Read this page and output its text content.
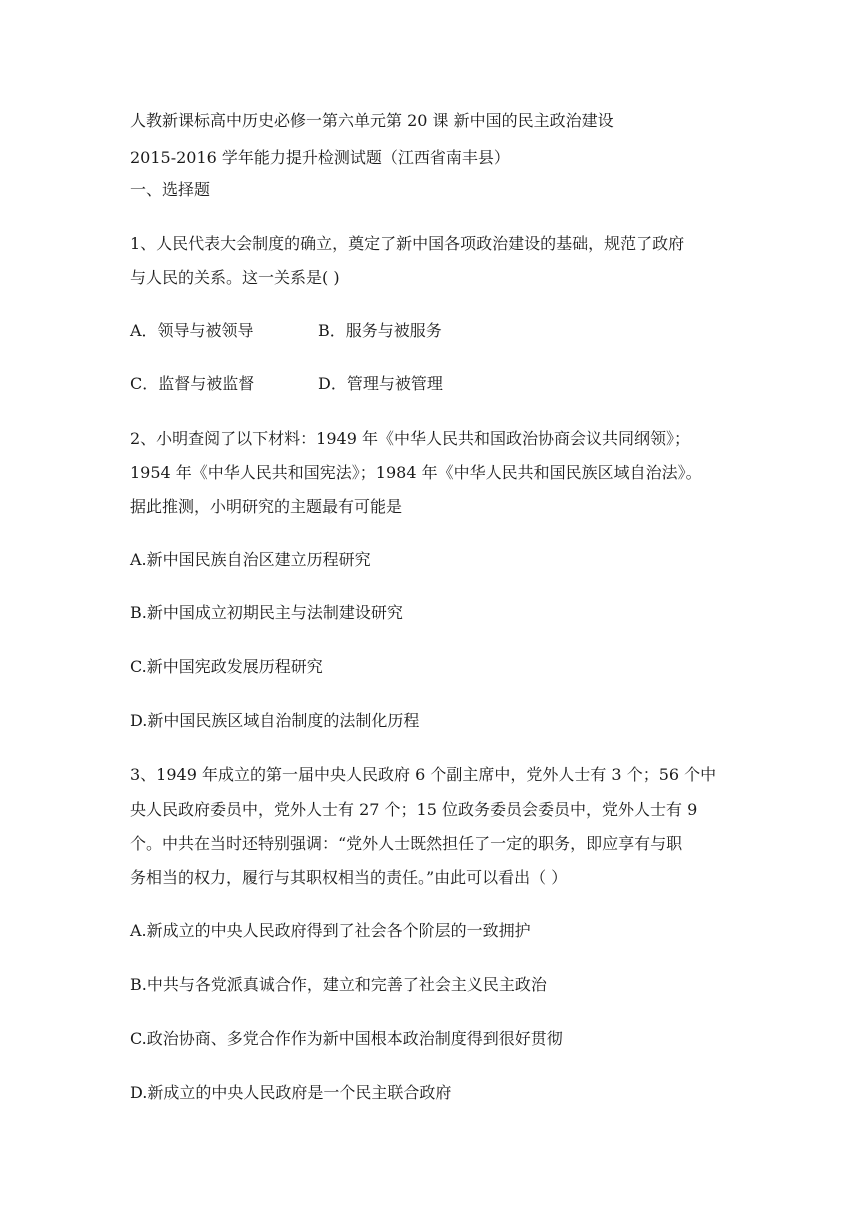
人教新课标高中历史必修一第六单元第 20 课 新中国的民主政治建设
2015-2016 学年能力提升检测试题（江西省南丰县）
一、选择题
1、人民代表大会制度的确立，奠定了新中国各项政治建设的基础，规范了政府
与人民的关系。这一关系是( )
A．领导与被领导	B．服务与被服务
C．监督与被监督	D．管理与被管理
2、小明查阅了以下材料：1949 年《中华人民共和国政治协商会议共同纲领》；
1954 年《中华人民共和国宪法》；1984 年《中华人民共和国民族区域自治法》。
据此推测，小明研究的主题最有可能是
A.新中国民族自治区建立历程研究
B.新中国成立初期民主与法制建设研究
C.新中国宪政发展历程研究
D.新中国民族区域自治制度的法制化历程
3、1949 年成立的第一届中央人民政府 6 个副主席中，党外人士有 3 个；56 个中
央人民政府委员中，党外人士有 27 个；15 位政务委员会委员中，党外人士有 9
个。中共在当时还特别强调：“党外人士既然担任了一定的职务，即应享有与职
务相当的权力，履行与其职权相当的责任。”由此可以看出（ ）
A.新成立的中央人民政府得到了社会各个阶层的一致拥护
B.中共与各党派真诚合作，建立和完善了社会主义民主政治
C.政治协商、多党合作作为新中国根本政治制度得到很好贯彻
D.新成立的中央人民政府是一个民主联合政府
